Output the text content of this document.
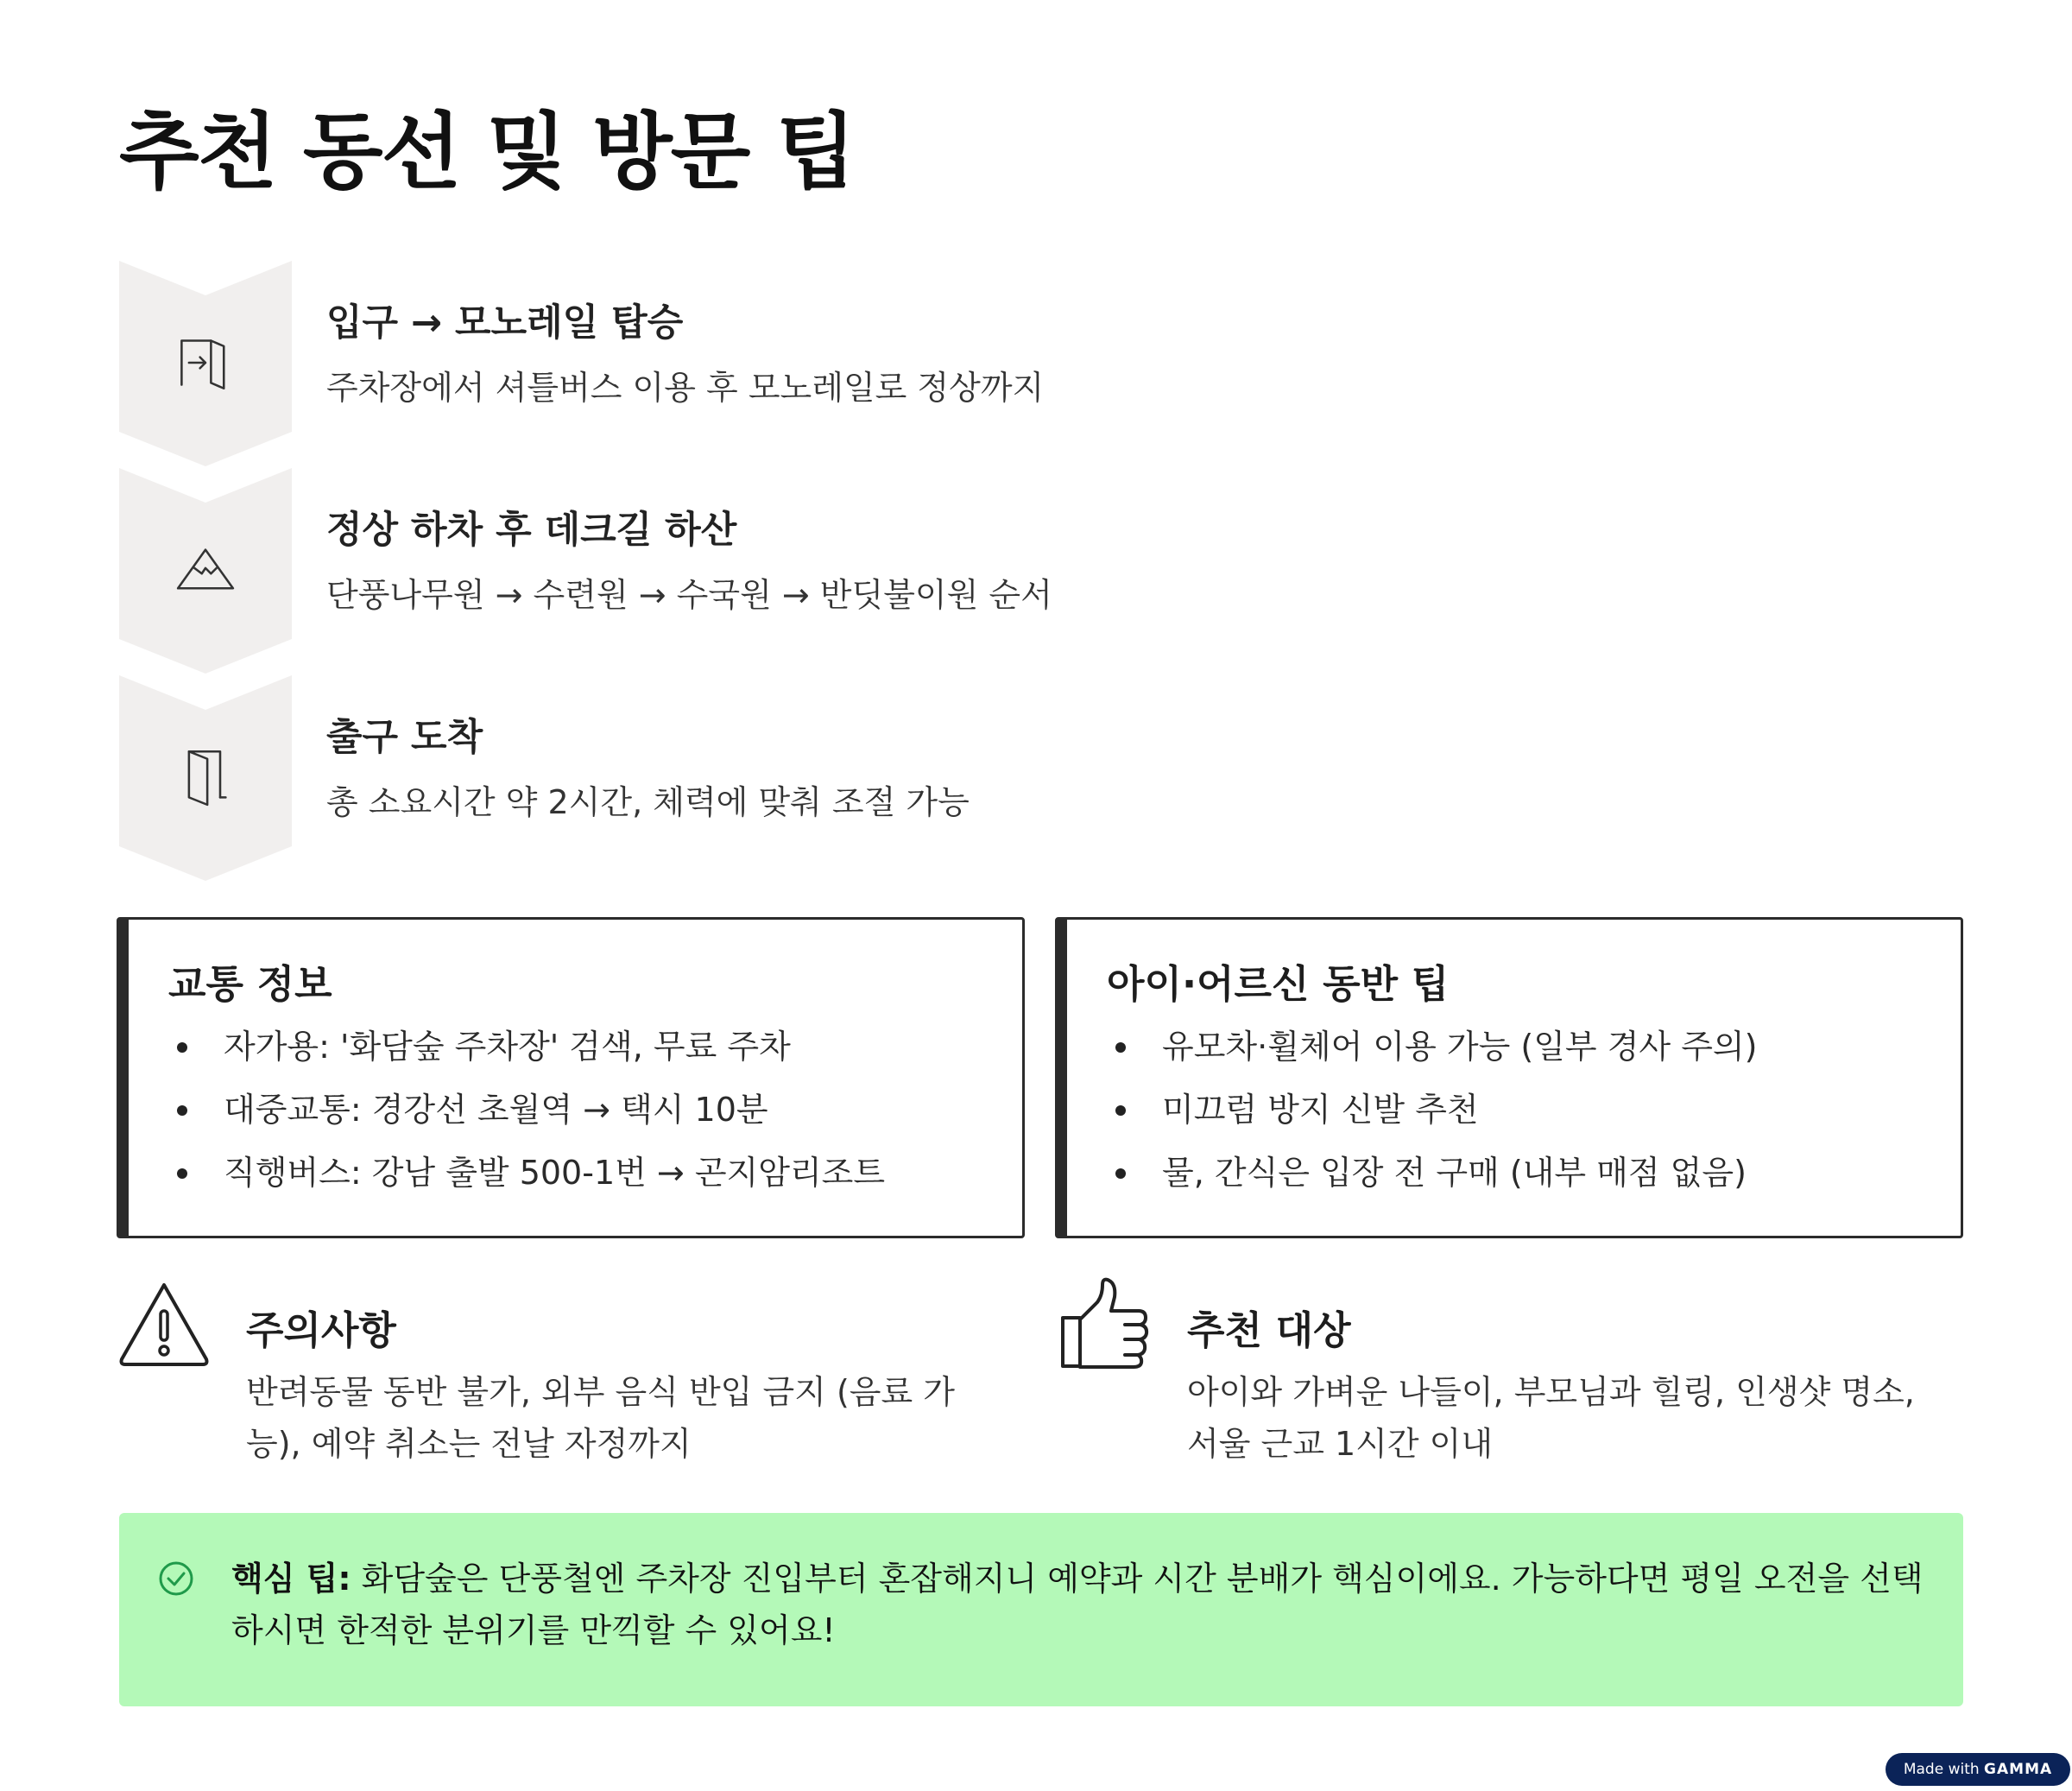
추천 동선 및 방문 팁
입구 → 모노레일 탑승
주차장에서 셔틀버스 이용 후 모노레일로 정상까지
정상 하차 후 데크길 하산
단풍나무원 → 수련원 → 수국원 → 반딧불이원 순서
출구 도착
총 소요시간 약 2시간, 체력에 맞춰 조절 가능
교통 정보
자가용: '화담숲 주차장' 검색, 무료 주차
대중교통: 경강선 초월역 → 택시 10분
직행버스: 강남 출발 500-1번 → 곤지암리조트
아이·어르신 동반 팁
유모차·휠체어 이용 가능 (일부 경사 주의)
미끄럼 방지 신발 추천
물, 간식은 입장 전 구매 (내부 매점 없음)
주의사항

반려동물 동반 불가, 외부 음식 반입 금지 (음료 가능), 예약 취소는 전날 자정까지

추천 대상

아이와 가벼운 나들이, 부모님과 힐링, 인생샷 명소, 서울 근교 1시간 이내

핵심 팁: 화담숲은 단풍철엔 주차장 진입부터 혼잡해지니 예약과 시간 분배가 핵심이에요. 가능하다면 평일 오전을 선택하시면 한적한 분위기를 만끽할 수 있어요!

Made with GAMMA
